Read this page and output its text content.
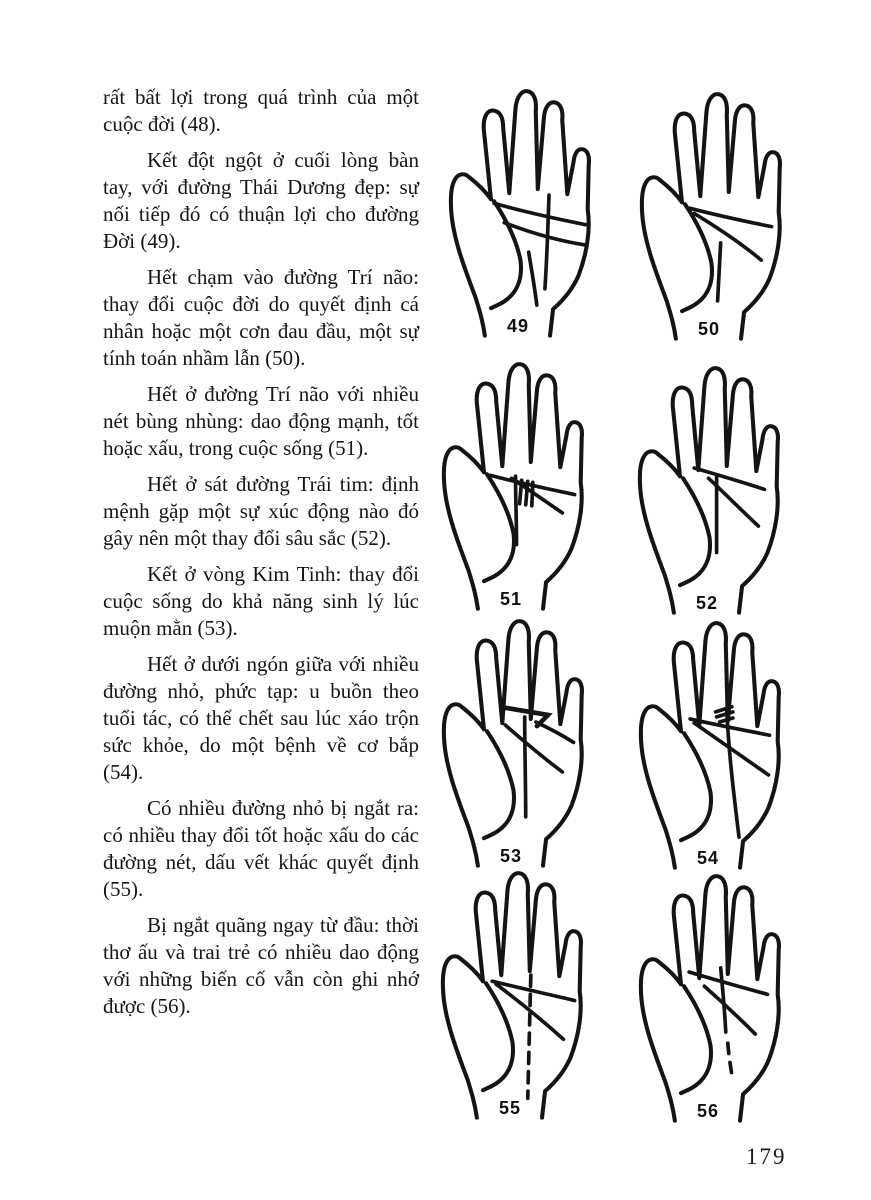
rất bất lợi trong quá trình của một cuộc đời (48).

Kết đột ngột ở cuối lòng bàn tay, với đường Thái Dương đẹp: sự nối tiếp đó có thuận lợi cho đường Đời (49).

Hết chạm vào đường Trí não: thay đổi cuộc đời do quyết định cá nhân hoặc một cơn đau đầu, một sự tính toán nhầm lẫn (50).

Hết ở đường Trí não với nhiều nét bùng nhùng: dao động mạnh, tốt hoặc xấu, trong cuộc sống (51).

Hết ở sát đường Trái tim: định mệnh gặp một sự xúc động nào đó gây nên một thay đổi sâu sắc (52).

Kết ở vòng Kim Tinh: thay đổi cuộc sống do khả năng sinh lý lúc muộn mằn (53).

Hết ở dưới ngón giữa với nhiều đường nhỏ, phức tạp: u buồn theo tuổi tác, có thể chết sau lúc xáo trộn sức khỏe, do một bệnh về cơ bắp (54).

Có nhiều đường nhỏ bị ngắt ra: có nhiều thay đổi tốt hoặc xấu do các đường nét, dấu vết khác quyết định (55).

Bị ngắt quãng ngay từ đầu: thời thơ ấu và trai trẻ có nhiều dao động với những biến cố vẫn còn ghi nhớ được (56).

49	50
51	52
53	54
55	56
179
